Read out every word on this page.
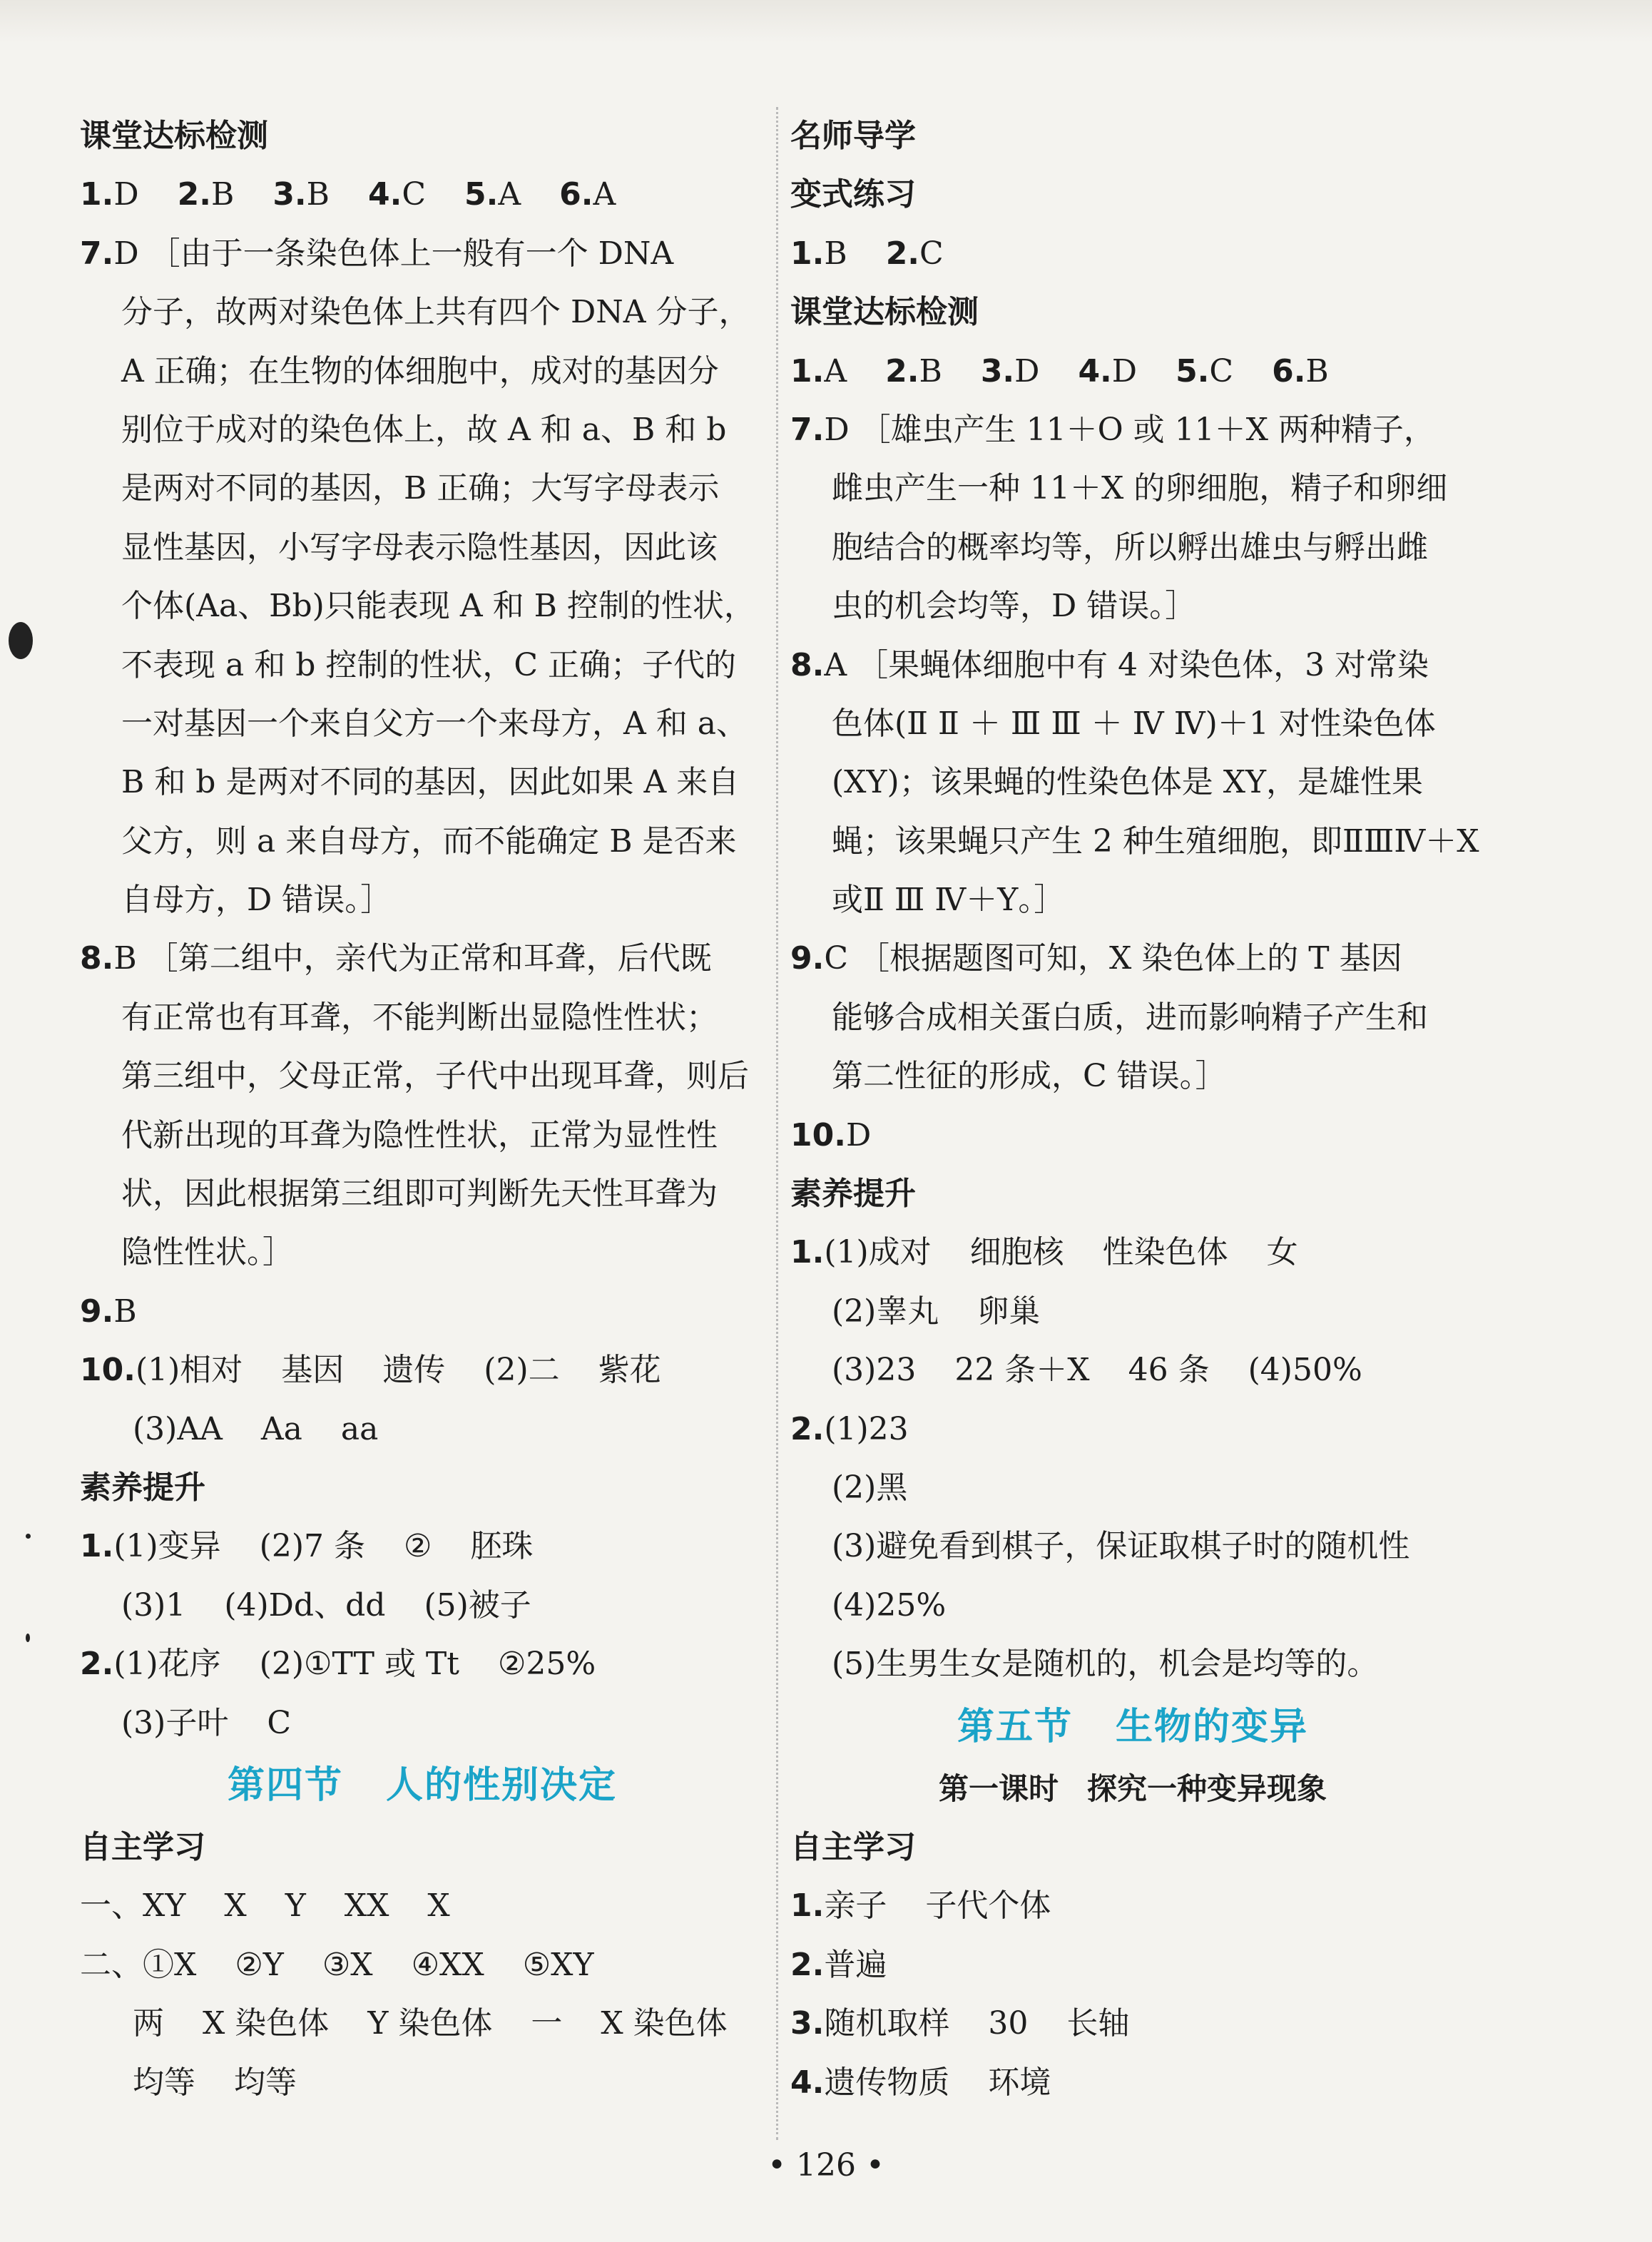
课堂达标检测
1.D 2.B 3.B 4.C 5.A 6.A
7.D ［由于一条染色体上一般有一个 DNA
分子，故两对染色体上共有四个 DNA 分子，
A 正确；在生物的体细胞中，成对的基因分
别位于成对的染色体上，故 A 和 a、B 和 b
是两对不同的基因，B 正确；大写字母表示
显性基因，小写字母表示隐性基因，因此该
个体(Aa、Bb)只能表现 A 和 B 控制的性状，
不表现 a 和 b 控制的性状，C 正确；子代的
一对基因一个来自父方一个来母方，A 和 a、
B 和 b 是两对不同的基因，因此如果 A 来自
父方，则 a 来自母方，而不能确定 B 是否来
自母方，D 错误。］
8.B ［第二组中，亲代为正常和耳聋，后代既
有正常也有耳聋，不能判断出显隐性性状；
第三组中，父母正常，子代中出现耳聋，则后
代新出现的耳聋为隐性性状，正常为显性性
状，因此根据第三组即可判断先天性耳聋为
隐性性状。］
9.B
10.(1)相对 基因 遗传 (2)二 紫花
(3)AA Aa aa
素养提升
1.(1)变异 (2)7 条 ② 胚珠
(3)1 (4)Dd、dd (5)被子
2.(1)花序 (2)①TT 或 Tt ②25%
(3)子叶 C
第四节 人的性别决定
自主学习
一、XY X Y XX X
二、①X ②Y ③X ④XX ⑤XY
两 X 染色体 Y 染色体 一 X 染色体
均等 均等
名师导学
变式练习
1.B 2.C
课堂达标检测
1.A 2.B 3.D 4.D 5.C 6.B
7.D ［雄虫产生 11＋O 或 11＋X 两种精子，
雌虫产生一种 11＋X 的卵细胞，精子和卵细
胞结合的概率均等，所以孵出雄虫与孵出雌
虫的机会均等，D 错误。］
8.A ［果蝇体细胞中有 4 对染色体，3 对常染
色体(Ⅱ Ⅱ ＋ Ⅲ Ⅲ ＋ Ⅳ Ⅳ)＋1 对性染色体
(XY)；该果蝇的性染色体是 XY，是雄性果
蝇；该果蝇只产生 2 种生殖细胞，即ⅡⅢⅣ＋X
或Ⅱ Ⅲ Ⅳ＋Y。］
9.C ［根据题图可知，X 染色体上的 T 基因
能够合成相关蛋白质，进而影响精子产生和
第二性征的形成，C 错误。］
10.D
素养提升
1.(1)成对 细胞核 性染色体 女
(2)睾丸 卵巢
(3)23 22 条＋X 46 条 (4)50%
2.(1)23
(2)黑
(3)避免看到棋子，保证取棋子时的随机性
(4)25%
(5)生男生女是随机的，机会是均等的。
第五节 生物的变异
第一课时 探究一种变异现象
自主学习
1.亲子 子代个体
2.普遍
3.随机取样 30 长轴
4.遗传物质 环境
• 126 •
